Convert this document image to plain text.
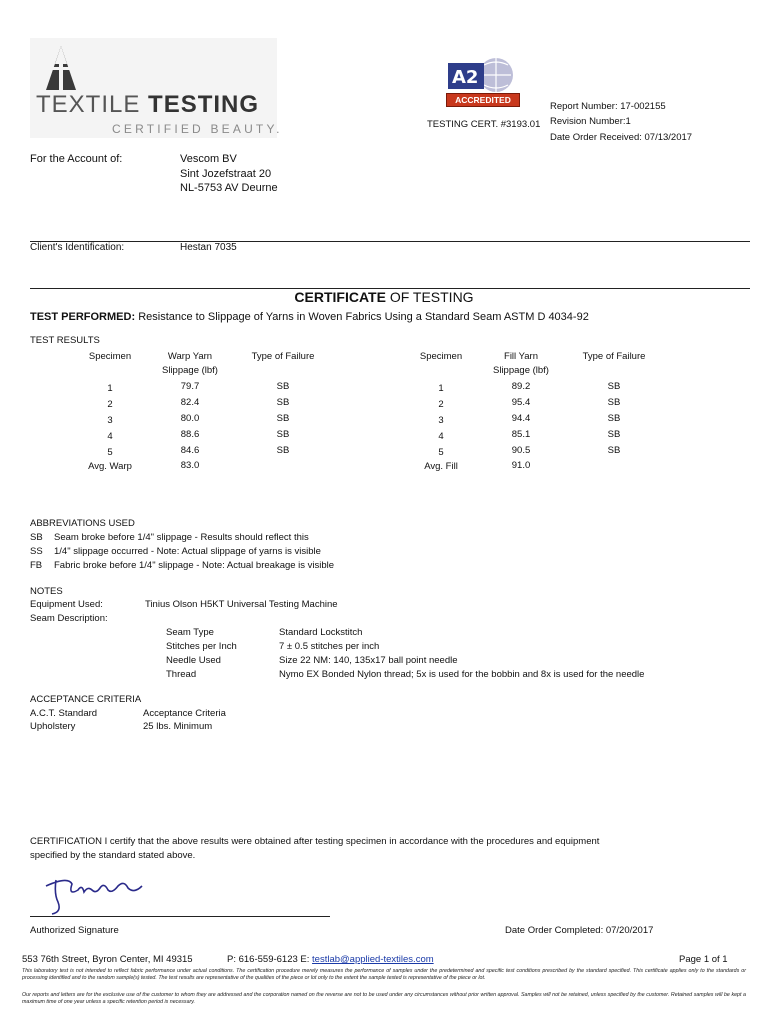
TEXTILE TESTING
CERTIFIED BEAUTY.
A2
ACCREDITED
TESTING CERT. #3193.01
Report Number: 17-002155
Revision Number:1
Date Order Received: 07/13/2017
For the Account of:	Vescom BV
Sint Jozefstraat 20
NL-5753 AV Deurne
Client's Identification:	Hestan 7035
CERTIFICATE OF TESTING
TEST PERFORMED: Resistance to Slippage of Yarns in Woven Fabrics Using a Standard Seam ASTM D 4034-92
TEST RESULTS
Specimen	Warp Yarn
Slippage (lbf)
Type of Failure	Specimen	Fill Yarn
Slippage (lbf)
Type of Failure
1	79.7	SB
2	82.4	SB
3	80.0	SB
4	88.6	SB
5	84.6	SB
Avg. Warp	83.0
1	89.2	SB
2	95.4	SB
3	94.4	SB
4	85.1	SB
5	90.5	SB
Avg. Fill	91.0
ABBREVIATIONS USED
SB Seam broke before 1/4" slippage - Results should reflect this
SS 1/4" slippage occurred - Note: Actual slippage of yarns is visible
FB Fabric broke before 1/4" slippage - Note: Actual breakage is visible
NOTES
Equipment Used:	Tinius Olson H5KT Universal Testing Machine
Seam Description:
Seam Type	Standard Lockstitch
Stitches per Inch	7 ± 0.5 stitches per inch
Needle Used	Size 22 NM: 140, 135x17 ball point needle
Thread	Nymo EX Bonded Nylon thread; 5x is used for the bobbin and 8x is used for the needle
ACCEPTANCE CRITERIA
A.C.T. Standard	Acceptance Criteria
Upholstery	25 lbs. Minimum
CERTIFICATION I certify that the above results were obtained after testing specimen in accordance with the procedures and equipment
specified by the standard stated above.
Authorized Signature	Date Order Completed: 07/20/2017
553 76th Street, Byron Center, MI 49315	P: 616-559-6123 E: testlab@applied-textiles.com	Page 1 of 1
This laboratory test is not intended to reflect fabric performance under actual conditions. The certification procedure merely measures the performance of samples under the predetermined and specific test conditions prescribed by the standard specified. This certificate applies only to the standards or processing identified and to the random sample(s) tested. The test results are representative of the qualities of the piece or lot only to the extent the sample tested is representative of the piece or lot.
Our reports and letters are for the exclusive use of the customer to whom they are addressed and the corporation named on the reverse are not to be used under any circumstances without prior written approval. Samples will not be retained, unless specified by the customer. Retained samples will be kept a maximum time of one year unless a specific retention period is necessary.
